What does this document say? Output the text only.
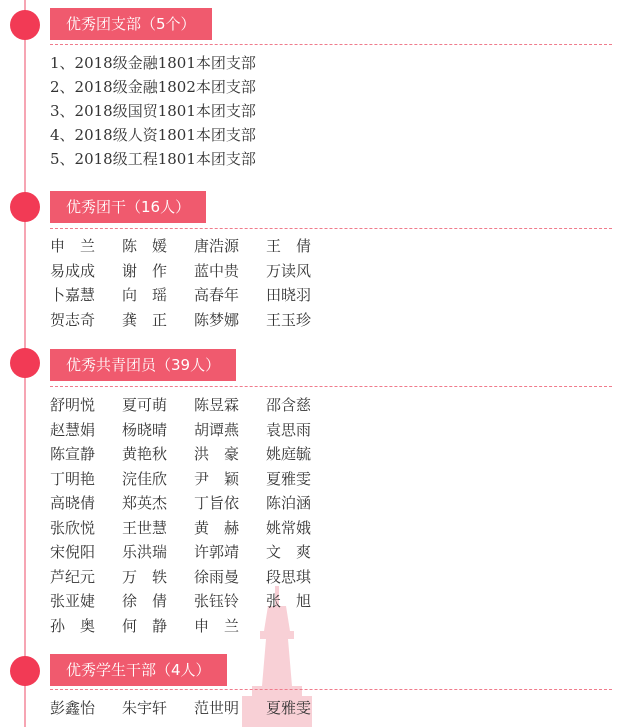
优秀团支部（5个）
1、2018级金融1801本团支部
2、2018级金融1802本团支部
3、2018级国贸1801本团支部
4、2018级人资1801本团支部
5、2018级工程1801本团支部
优秀团干（16人）
申　兰	陈　媛	唐浩源	王　倩
易成成	谢　作	蓝中贵	万读风
卜嘉慧	向　瑶	高春年	田晓羽
贺志奇	龚　正	陈梦娜	王玉珍
优秀共青团员（39人）
舒明悦	夏可萌	陈昱霖	邵含慈
赵慧娟	杨晓晴	胡谭燕	袁思雨
陈宣静	黄艳秋	洪　豪	姚庭毓
丁明艳	浣佳欣	尹　颖	夏雅雯
高晓倩	郑英杰	丁旨依	陈泊涵
张欣悦	王世慧	黄　赫	姚常娥
宋倪阳	乐洪瑞	许郭靖	文　爽
芦纪元	万　轶	徐雨曼	段思琪
张亚婕	徐　倩	张钰铃	张　旭
孙　奥	何　静	申　兰
优秀学生干部（4人）
彭鑫怡	朱宇轩	范世明	夏雅雯
